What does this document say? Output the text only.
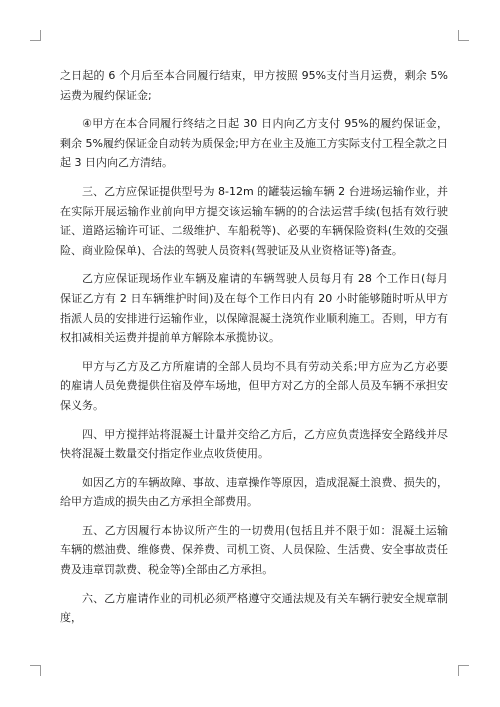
之日起的 6 个月后至本合同履行结束，甲方按照 95%支付当月运费，剩余 5%运费为履约保证金;

④甲方在本合同履行终结之日起 30 日内向乙方支付 95%的履约保证金，剩余 5%履约保证金自动转为质保金;甲方在业主及施工方实际支付工程全款之日起 3 日内向乙方清结。

三、乙方应保证提供型号为 8-12m 的罐装运输车辆 2 台进场运输作业，并在实际开展运输作业前向甲方提交该运输车辆的的合法运营手续(包括有效行驶证、道路运输许可证、二级维护、车船税等)、必要的车辆保险资料(生效的交强险、商业险保单)、合法的驾驶人员资料(驾驶证及从业资格证等)备查。

乙方应保证现场作业车辆及雇请的车辆驾驶人员每月有 28 个工作日(每月保证乙方有 2 日车辆维护时间)及在每个工作日内有 20 小时能够随时听从甲方指派人员的安排进行运输作业，以保障混凝土浇筑作业顺利施工。否则，甲方有权扣减相关运费并提前单方解除本承揽协议。

甲方与乙方及乙方所雇请的全部人员均不具有劳动关系;甲方应为乙方必要的雇请人员免费提供住宿及停车场地，但甲方对乙方的全部人员及车辆不承担安保义务。

四、甲方搅拌站将混凝土计量并交给乙方后，乙方应负责选择安全路线并尽快将混凝土数量交付指定作业点收货使用。

如因乙方的车辆故障、事故、违章操作等原因，造成混凝土浪费、损失的，给甲方造成的损失由乙方承担全部费用。

五、乙方因履行本协议所产生的一切费用(包括且并不限于如：混凝土运输车辆的燃油费、维修费、保养费、司机工资、人员保险、生活费、安全事故责任费及违章罚款费、税金等)全部由乙方承担。

六、乙方雇请作业的司机必须严格遵守交通法规及有关车辆行驶安全规章制度，
